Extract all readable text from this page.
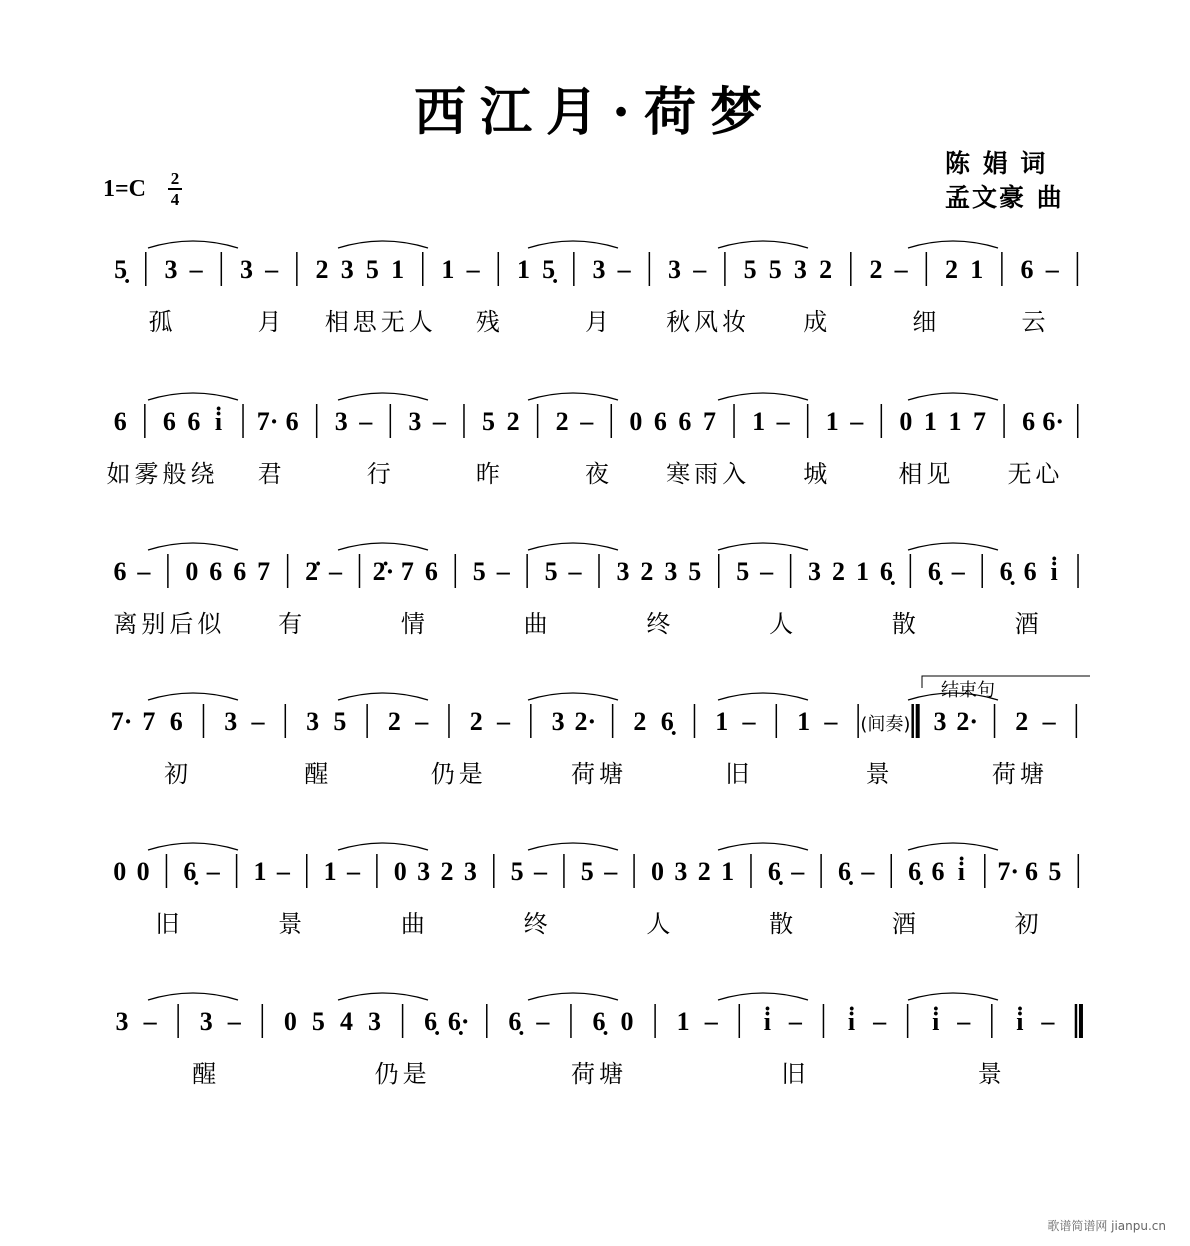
西江月·荷梦
陈 娟 词
孟文豪 曲
1=C 2
4
5̣ 3 – 3 – 2 3 5 1 1 – 1 5̣ 3 – 3 – 5 5 3 2 2 – 2 1 6 –
孤	月 相思无人 残	月 秋风妆 成	细	云
6 6 6 i̇ 7· 6 3 – 3 – 5 2 2 – 0 6 6 7 1 – 1 – 0 1 1 7 6 6·
如雾般绕 君	行	昨	夜 寒雨入 城	相见 无心
6 – 0 6 6 7 2̇ – 2̇· 7 6 5 – 5 – 3 2 3 5 5 – 3 2 1 6̣ 6̣ – 6̣ 6 i̇
离别后似 有	情	曲	终	人	散	酒
7· 7 6 3 – 3 5 2 – 2 – 3 2· 2 6̣ 1 – 1 – (间奏) 3 2· 2 –
初	醒	仍是	荷塘	旧	景	荷塘
结束句
0 0 6̣ – 1 – 1 – 0 3 2 3 5 – 5 – 0 3 2 1 6̣ – 6̣ – 6̣ 6 i̇ 7· 6 5
旧	景	曲	终	人	散	酒	初
3 – 3 – 0 5 4 3 6̣ 6̣· 6̣ – 6̣ 0 1 – i̇ – i̇ – i̇ – i̇ –
醒	仍是	荷塘	旧	景
歌谱简谱网 jianpu.cn
